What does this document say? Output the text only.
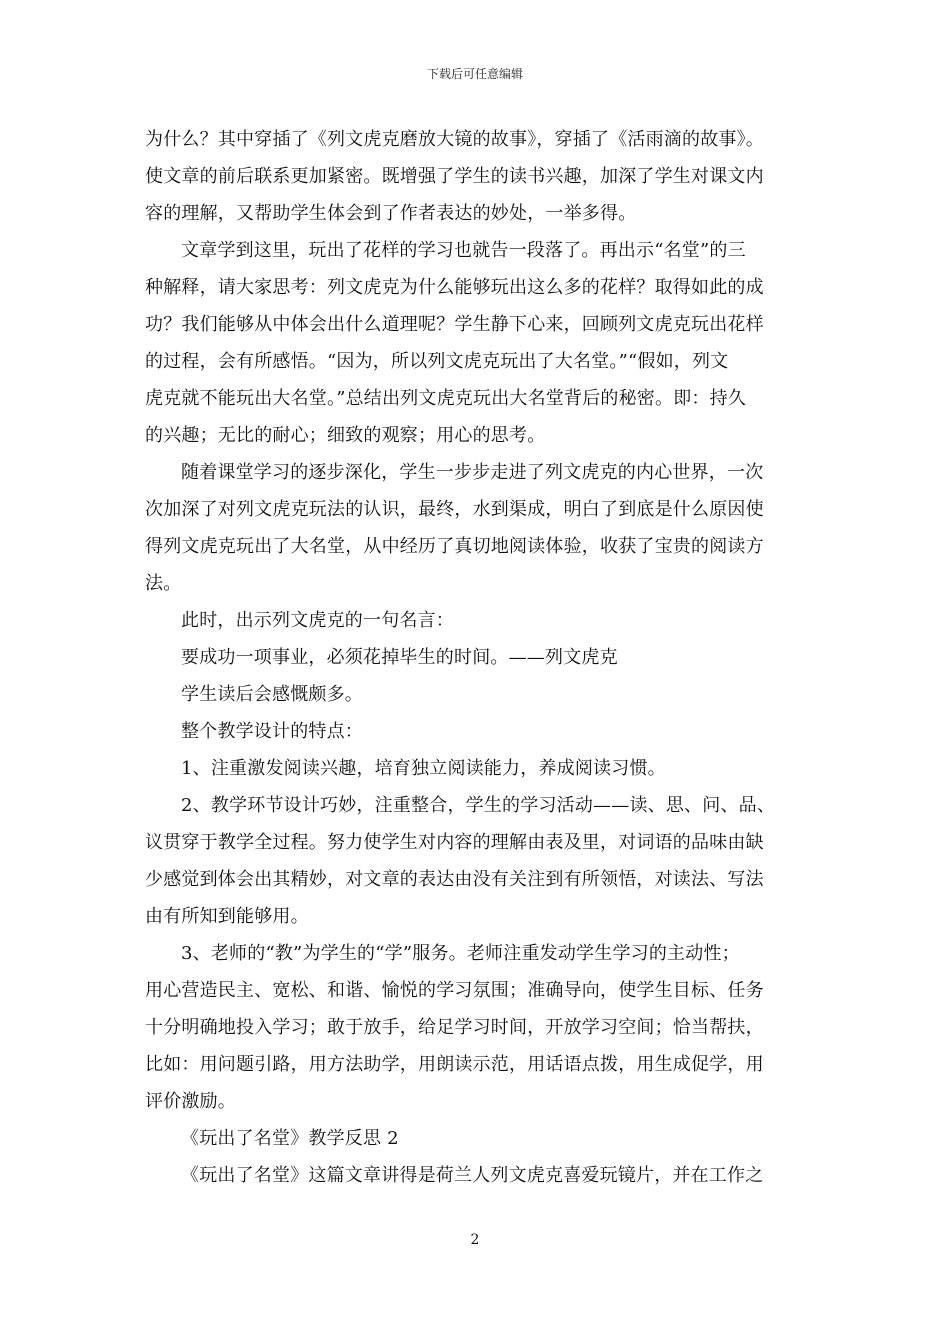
下载后可任意编辑
为什么？其中穿插了《列文虎克磨放大镜的故事》，穿插了《活雨滴的故事》。
使文章的前后联系更加紧密。既增强了学生的读书兴趣，加深了学生对课文内
容的理解，又帮助学生体会到了作者表达的妙处，一举多得。
文章学到这里，玩出了花样的学习也就告一段落了。再出示“名堂”的三
种解释，请大家思考：列文虎克为什么能够玩出这么多的花样？取得如此的成
功？我们能够从中体会出什么道理呢？学生静下心来，回顾列文虎克玩出花样
的过程，会有所感悟。“因为，所以列文虎克玩出了大名堂。”“假如，列文
虎克就不能玩出大名堂。”总结出列文虎克玩出大名堂背后的秘密。即：持久
的兴趣；无比的耐心；细致的观察；用心的思考。
随着课堂学习的逐步深化，学生一步步走进了列文虎克的内心世界，一次
次加深了对列文虎克玩法的认识，最终，水到渠成，明白了到底是什么原因使
得列文虎克玩出了大名堂，从中经历了真切地阅读体验，收获了宝贵的阅读方
法。
此时，出示列文虎克的一句名言：
要成功一项事业，必须花掉毕生的时间。——列文虎克
学生读后会感慨颇多。
整个教学设计的特点：
1、注重激发阅读兴趣，培育独立阅读能力，养成阅读习惯。
2、教学环节设计巧妙，注重整合，学生的学习活动——读、思、问、品、
议贯穿于教学全过程。努力使学生对内容的理解由表及里，对词语的品味由缺
少感觉到体会出其精妙，对文章的表达由没有关注到有所领悟，对读法、写法
由有所知到能够用。
3、老师的“教”为学生的“学”服务。老师注重发动学生学习的主动性；
用心营造民主、宽松、和谐、愉悦的学习氛围；准确导向，使学生目标、任务
十分明确地投入学习；敢于放手，给足学习时间，开放学习空间；恰当帮扶，
比如：用问题引路，用方法助学，用朗读示范，用话语点拨，用生成促学，用
评价激励。
《玩出了名堂》教学反思 2
《玩出了名堂》这篇文章讲得是荷兰人列文虎克喜爱玩镜片，并在工作之
2
